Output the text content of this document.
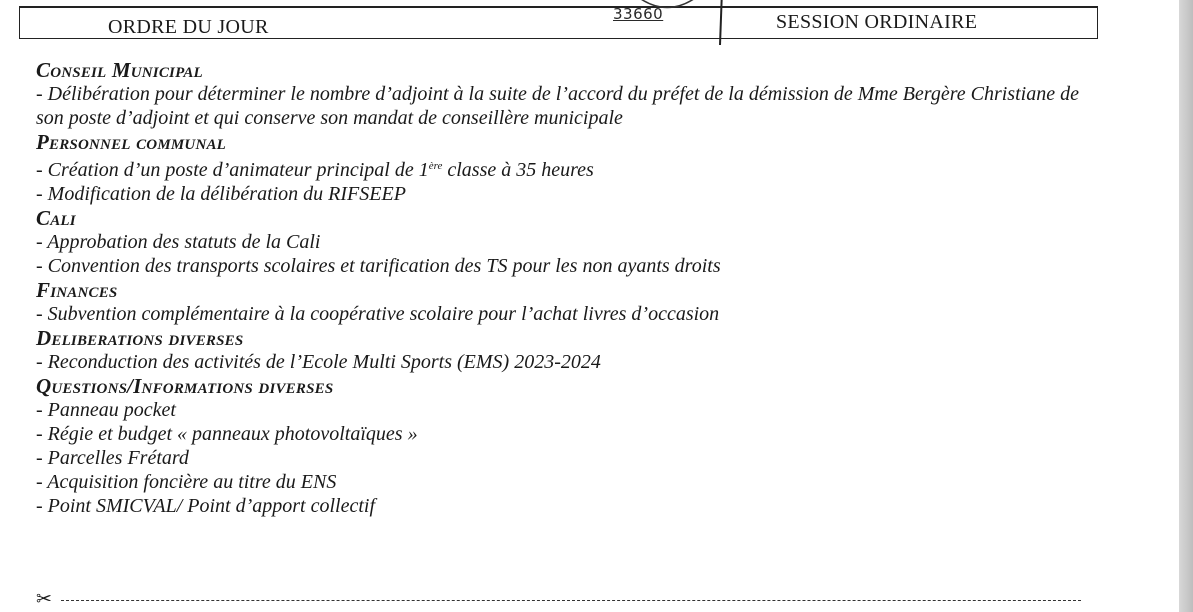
ORDRE DU JOUR	SESSION ORDINAIRE
33660
Conseil Municipal
- Délibération pour déterminer le nombre d’adjoint à la suite de l’accord du préfet de la démission de Mme Bergère Christiane de
son poste d’adjoint et qui conserve son mandat de conseillère municipale
Personnel communal
- Création d’un poste d’animateur principal de 1ère classe à 35 heures
- Modification de la délibération du RIFSEEP
Cali
- Approbation des statuts de la Cali
- Convention des transports scolaires et tarification des TS pour les non ayants droits
Finances
- Subvention complémentaire à la coopérative scolaire pour l’achat livres d’occasion
Deliberations diverses
- Reconduction des activités de l’Ecole Multi Sports (EMS) 2023-2024
Questions/Informations diverses
- Panneau pocket
- Régie et budget « panneaux photovoltaïques »
- Parcelles Frétard
- Acquisition foncière au titre du ENS
- Point SMICVAL/ Point d’apport collectif
✂
